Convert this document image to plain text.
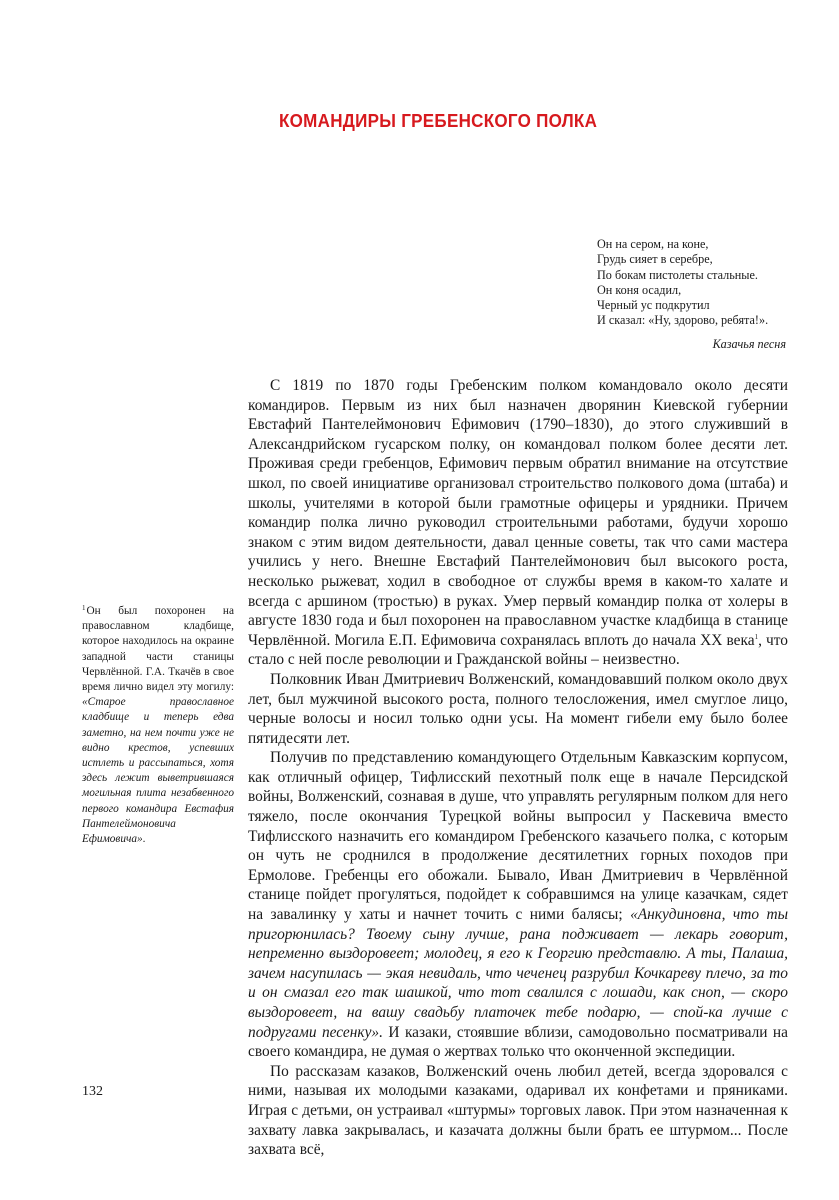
КОМАНДИРЫ ГРЕБЕНСКОГО ПОЛКА
Он на сером, на коне,
Грудь сияет в серебре,
По бокам пистолеты стальные.
Он коня осадил,
Черный ус подкрутил
И сказал: «Ну, здорово, ребята!».
Казачья песня

С 1819 по 1870 годы Гребенским полком командовало около десяти командиров. Первым из них был назначен дворянин Киевской губернии Евстафий Пантелеймонович Ефимович (1790–1830), до этого служивший в Александрийском гусарском полку, он командовал полком более десяти лет. Проживая среди гребенцов, Ефимович первым обратил внимание на отсутствие школ, по своей инициативе организовал строительство полкового дома (штаба) и школы, учителями в которой были грамотные офицеры и урядники. Причем командир полка лично руководил строительными работами, будучи хорошо знаком с этим видом деятельности, давал ценные советы, так что сами мастера учились у него. Внешне Евстафий Пантелеймонович был высокого роста, несколько рыжеват, ходил в свободное от службы время в каком-то халате и всегда с аршином (тростью) в руках. Умер первый командир полка от холеры в августе 1830 года и был похоронен на православном участке кладбища в станице Червлённой. Могила Е.П. Ефимовича сохранялась вплоть до начала XX века$^1$, что стало с ней после революции и Гражданской войны – неизвестно.

Полковник Иван Дмитриевич Волженский, командовавший полком около двух лет, был мужчиной высокого роста, полного телосложения, имел смуглое лицо, черные волосы и носил только одни усы. На момент гибели ему было более пятидесяти лет.

Получив по представлению командующего Отдельным Кавказским корпусом, как отличный офицер, Тифлисский пехотный полк еще в начале Персидской войны, Волженский, сознавая в душе, что управлять регулярным полком для него тяжело, после окончания Турецкой войны выпросил у Паскевича вместо Тифлисского назначить его командиром Гребенского казачьего полка, с которым он чуть не сроднился в продолжение десятилетних горных походов при Ермолове. Гребенцы его обожали. Бывало, Иван Дмитриевич в Червлённой станице пойдет прогуляться, подойдет к собравшимся на улице казачкам, сядет на завалинку у хаты и начнет точить с ними балясы; «Анкудиновна, что ты пригорюнилась? Твоему сыну лучше, рана подживает — лекарь говорит, непременно выздоровеет; молодец, я его к Георгию представлю. А ты, Палаша, зачем насупилась — экая невидаль, что чеченец разрубил Кочкареву плечо, за то и он смазал его так шашкой, что тот свалился с лошади, как сноп, — скоро выздоровеет, на вашу свадьбу платочек тебе подарю, — спой-ка лучше с подругами песенку». И казаки, стоявшие вблизи, самодовольно посматривали на своего командира, не думая о жертвах только что оконченной экспедиции.

По рассказам казаков, Волженский очень любил детей, всегда здоровался с ними, называя их молодыми казаками, одаривал их конфетами и пряниками. Играя с детьми, он устраивал «штурмы» торговых лавок. При этом назначенная к захвату лавка закрывалась, и казачата должны были брать ее штурмом... После захвата всё,

$^1$Он был похоронен на православном кладбище, которое находилось на окраине западной части станицы Червлённой. Г.А. Ткачёв в свое время лично видел эту могилу: «Старое православное кладбище и теперь едва заметно, на нем почти уже не видно крестов, успевших истлеть и рассыпаться, хотя здесь лежит выветрившаяся могильная плита незабвенного первого командира Евстафия Пантелеймоновича Ефимовича».
132
